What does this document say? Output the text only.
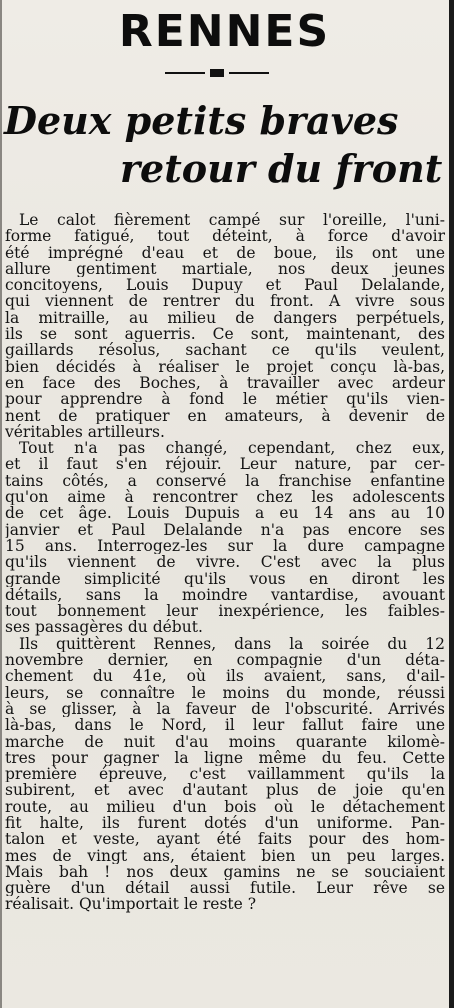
RENNES
Deux petits braves
retour du front
Le calot fièrement campé sur l'oreille, l'uni-
forme fatigué, tout déteint, à force d'avoir
été imprégné d'eau et de boue, ils ont une
allure gentiment martiale, nos deux jeunes
concitoyens, Louis Dupuy et Paul Delalande,
qui viennent de rentrer du front. A vivre sous
la mitraille, au milieu de dangers perpétuels,
ils se sont aguerris. Ce sont, maintenant, des
gaillards résolus, sachant ce qu'ils veulent,
bien décidés à réaliser le projet conçu là-bas,
en face des Boches, à travailler avec ardeur
pour apprendre à fond le métier qu'ils vien-
nent de pratiquer en amateurs, à devenir de
véritables artilleurs.
Tout n'a pas changé, cependant, chez eux,
et il faut s'en réjouir. Leur nature, par cer-
tains côtés, a conservé la franchise enfantine
qu'on aime à rencontrer chez les adolescents
de cet âge. Louis Dupuis a eu 14 ans au 10
janvier et Paul Delalande n'a pas encore ses
15 ans. Interrogez-les sur la dure campagne
qu'ils viennent de vivre. C'est avec la plus
grande simplicité qu'ils vous en diront les
détails, sans la moindre vantardise, avouant
tout bonnement leur inexpérience, les faibles-
ses passagères du début.
Ils quittèrent Rennes, dans la soirée du 12
novembre dernier, en compagnie d'un déta-
chement du 41e, où ils avaient, sans, d'ail-
leurs, se connaître le moins du monde, réussi
à se glisser, à la faveur de l'obscurité. Arrivés
là-bas, dans le Nord, il leur fallut faire une
marche de nuit d'au moins quarante kilomè-
tres pour gagner la ligne même du feu. Cette
première épreuve, c'est vaillamment qu'ils la
subirent, et avec d'autant plus de joie qu'en
route, au milieu d'un bois où le détachement
fit halte, ils furent dotés d'un uniforme. Pan-
talon et veste, ayant été faits pour des hom-
mes de vingt ans, étaient bien un peu larges.
Mais bah ! nos deux gamins ne se souciaient
guère d'un détail aussi futile. Leur rêve se
réalisait. Qu'importait le reste ?
